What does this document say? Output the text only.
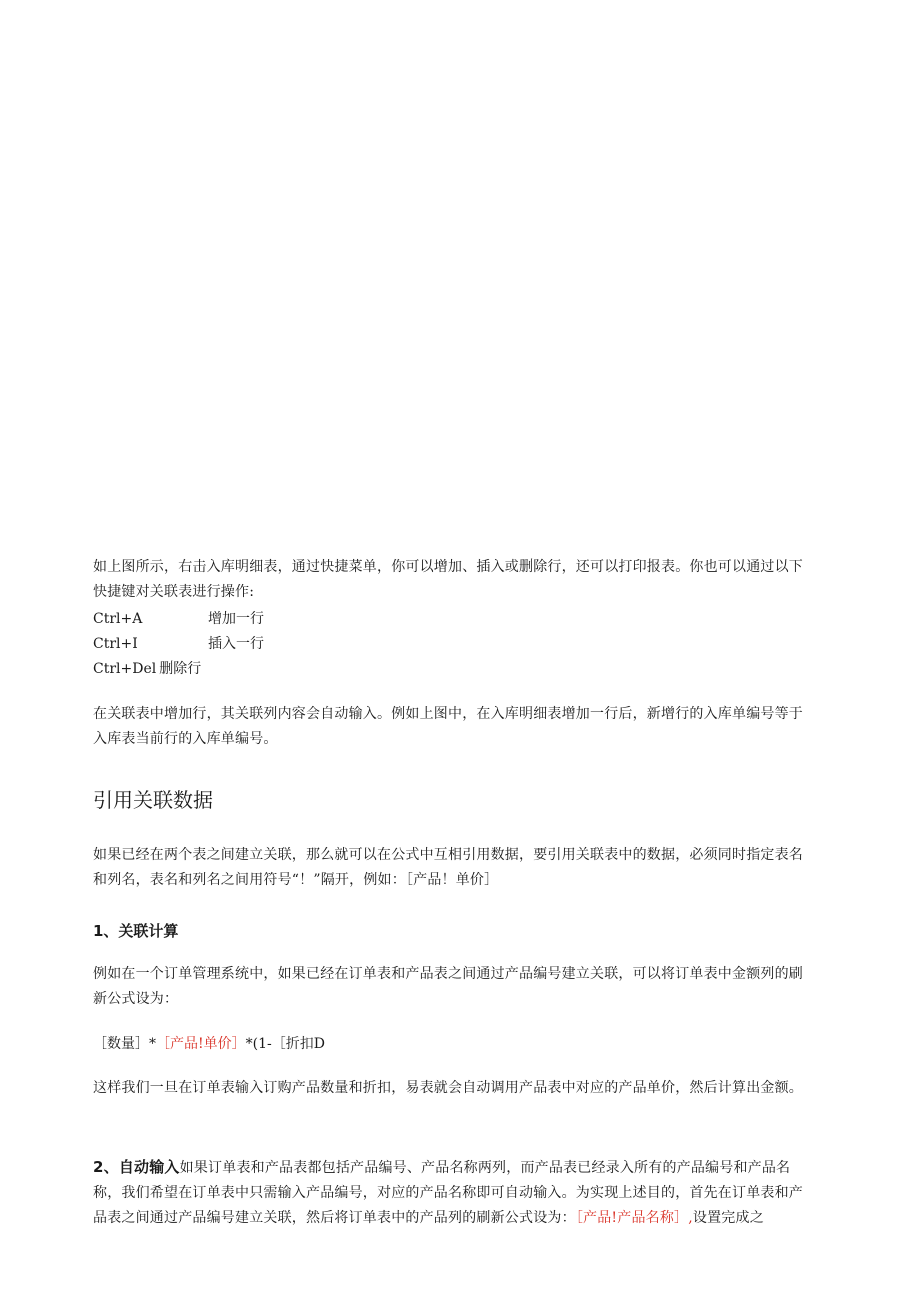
如上图所示，右击入库明细表，通过快捷菜单，你可以增加、插入或删除行，还可以打印报表。你也可以通过以下快捷键对关联表进行操作:

Ctrl+A	增加一行
Ctrl+I	插入一行
Ctrl+Del 删除行

在关联表中增加行，其关联列内容会自动输入。例如上图中，在入库明细表增加一行后，新增行的入库单编号等于入库表当前行的入库单编号。

引用关联数据

如果已经在两个表之间建立关联，那么就可以在公式中互相引用数据，要引用关联表中的数据，必须同时指定表名和列名，表名和列名之间用符号“！”隔开，例如：［产品！单价］

1、关联计算

例如在一个订单管理系统中，如果已经在订单表和产品表之间通过产品编号建立关联，可以将订单表中金额列的刷新公式设为：

［数量］*［产品!单价］*(1-［折扣D

这样我们一旦在订单表输入订购产品数量和折扣，易表就会自动调用产品表中对应的产品单价，然后计算出金额。

2、自动输入如果订单表和产品表都包括产品编号、产品名称两列，而产品表已经录入所有的产品编号和产品名称，我们希望在订单表中只需输入产品编号，对应的产品名称即可自动输入。为实现上述目的，首先在订单表和产品表之间通过产品编号建立关联，然后将订单表中的产品列的刷新公式设为：［产品!产品名称］,设置完成之
